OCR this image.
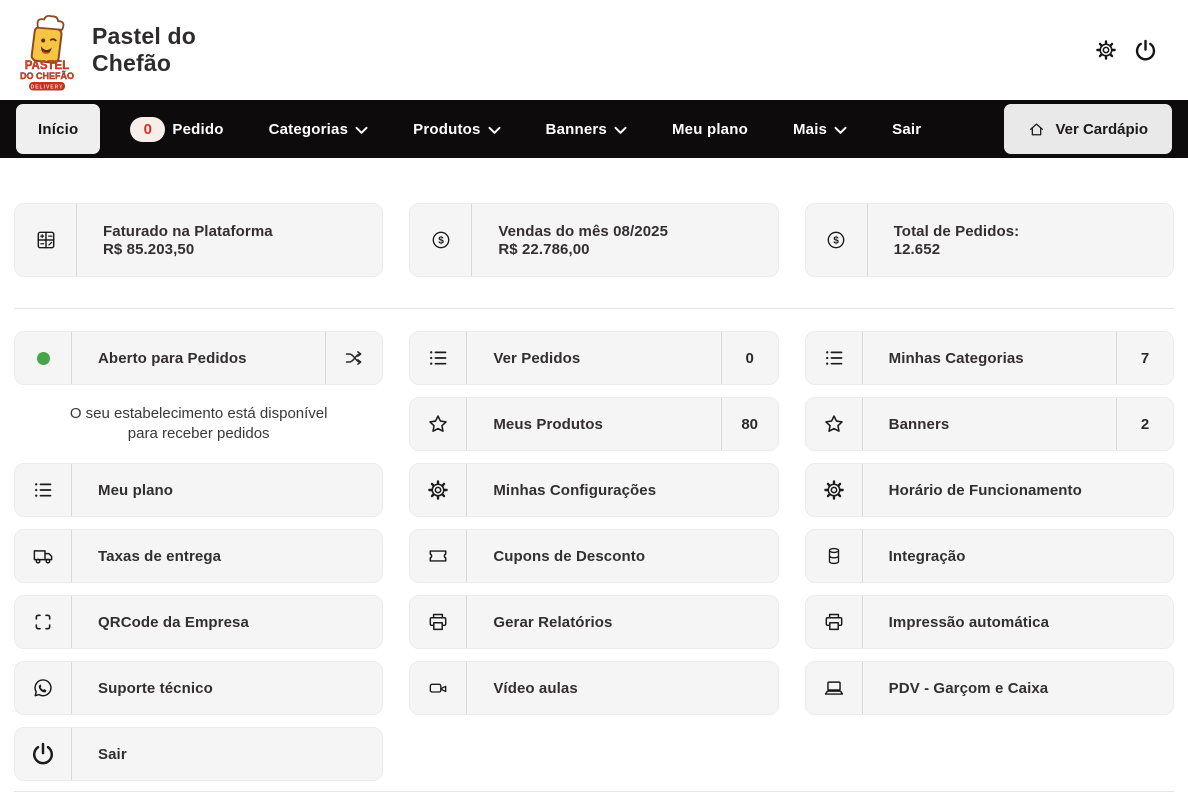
PASTEL
DO CHEFÃO
DELIVERY
Pastel do
Chefão
Início	0	Pedido	Categorias	Produtos	Banners	Meu plano	Mais	Sair	Ver Cardápio
Faturado na Plataforma
R$ 85.203,50
Vendas do mês 08/2025
R$ 22.786,00
Total de Pedidos:
12.652
Aberto para Pedidos
O seu estabelecimento está disponível
para receber pedidos
Meu plano
Taxas de entrega
QRCode da Empresa
Suporte técnico
Sair
Ver Pedidos	0
Meus Produtos	80
Minhas Configurações
Cupons de Desconto
Gerar Relatórios
Vídeo aulas
Minhas Categorias	7
Banners	2
Horário de Funcionamento
Integração
Impressão automática
PDV - Garçom e Caixa
